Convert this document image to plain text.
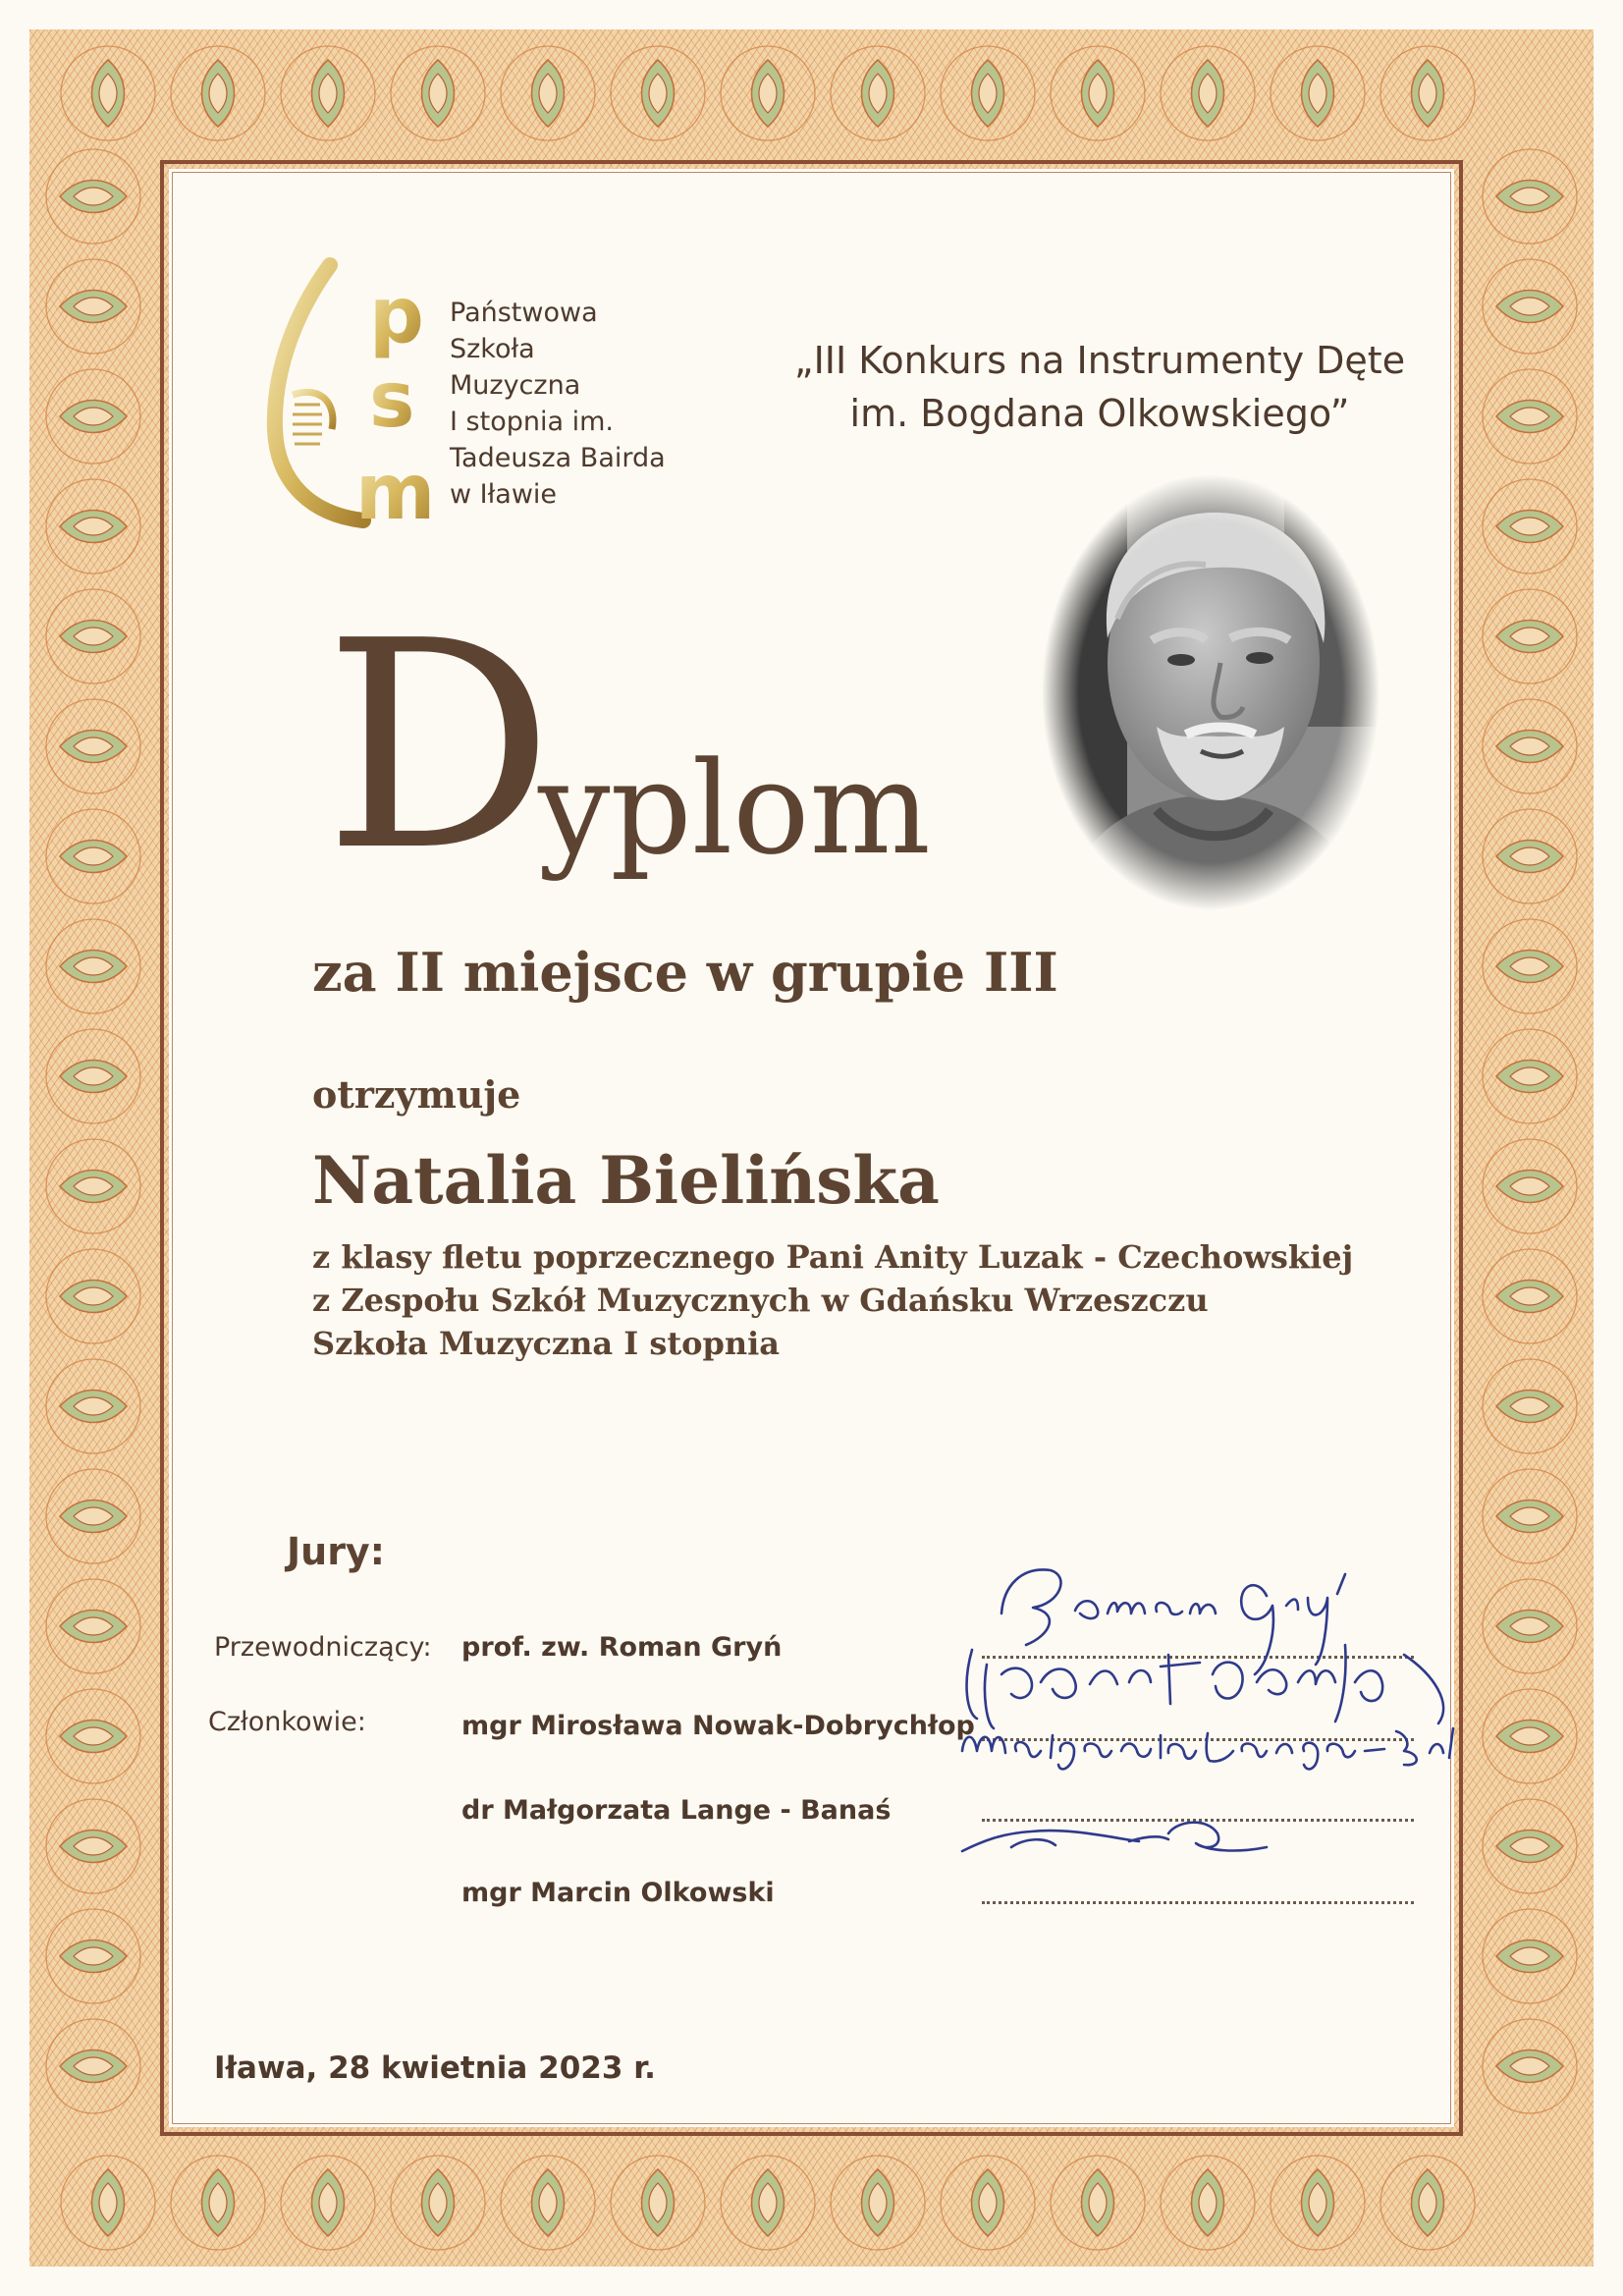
p
s
m
Państwowa
Szkoła
Muzyczna
I stopnia im.
Tadeusza Bairda
w Iławie
„III Konkurs na Instrumenty Dęte
im. Bogdana Olkowskiego”
D
yplom
za II miejsce w grupie III
otrzymuje
Natalia Bielińska
z klasy fletu poprzecznego Pani Anity Luzak - Czechowskiej
z Zespołu Szkół Muzycznych w Gdańsku Wrzeszczu
Szkoła Muzyczna I stopnia
Jury:
Przewodniczący: prof. zw. Roman Gryń
Członkowie:	mgr Mirosława Nowak-Dobrychłop
dr Małgorzata Lange - Banaś
mgr Marcin Olkowski
Iława, 28 kwietnia 2023 r.
